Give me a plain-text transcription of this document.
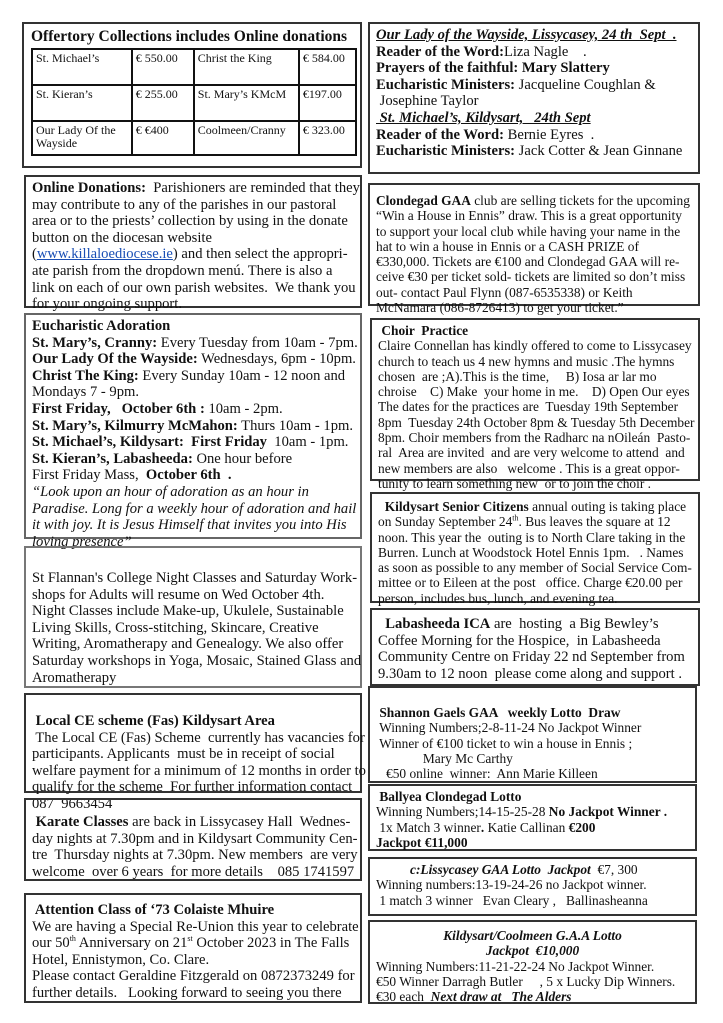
Offertory Collections includes Online donations
St. Michael’s	€ 550.00	Christ the King	€ 584.00
St. Kieran’s	€ 255.00	St. Mary’s KMcM	€197.00
Our Lady Of the Wayside	€ €400	Coolmeen/Cranny	€ 323.00
Online Donations:  Parishioners are reminded that they
may contribute to any of the parishes in our pastoral
area or to the priests’ collection by using in the donate
button on the diocesan website
(www.killaloediocese.ie) and then select the appropri-
ate parish from the dropdown menú. There is also a
link on each of our own parish websites.  We thank you
for your ongoing support.
Eucharistic Adoration
St. Mary’s, Cranny: Every Tuesday from 10am - 7pm.
Our Lady Of the Wayside: Wednesdays, 6pm - 10pm.
Christ The King: Every Sunday 10am - 12 noon and
Mondays 7 - 9pm.
First Friday,   October 6th : 10am - 2pm.
St. Mary’s, Kilmurry McMahon: Thurs 10am - 1pm.
St. Michael’s, Kildysart:  First Friday  10am - 1pm.
St. Kieran’s, Labasheeda: One hour before
First Friday Mass,  October 6th  .
“Look upon an hour of adoration as an hour in
Paradise. Long for a weekly hour of adoration and hail
it with joy. It is Jesus Himself that invites you into His
loving presence”
St Flannan's College Night Classes and Saturday Work-
shops for Adults will resume on Wed October 4th.
Night Classes include Make-up, Ukulele, Sustainable
Living Skills, Cross-stitching, Skincare, Creative
Writing, Aromatherapy and Genealogy. We also offer
Saturday workshops in Yoga, Mosaic, Stained Glass and
Aromatherapy
Local CE scheme (Fas) Kildysart Area
The Local CE (Fas) Scheme  currently has vacancies for
participants. Applicants  must be in receipt of social
welfare payment for a minimum of 12 months in order to
qualify for the scheme  For further information contact
087  9663454
Karate Classes are back in Lissycasey Hall  Wednes-
day nights at 7.30pm and in Kildysart Community Cen-
tre  Thursday nights at 7.30pm. New members  are very
welcome  over 6 years  for more details    085 1741597
Attention Class of ‘73 Colaiste Mhuire
We are having a Special Re-Union this year to celebrate
our 50th Anniversary on 21st October 2023 in The Falls
Hotel, Ennistymon, Co. Clare.
Please contact Geraldine Fitzgerald on 0872373249 for
further details.   Looking forward to seeing you there
Our Lady of the Wayside, Lissycasey, 24 th  Sept  .
Reader of the Word:Liza Nagle    .
Prayers of the faithful: Mary Slattery
Eucharistic Ministers: Jacqueline Coughlan &
Josephine Taylor
St. Michael’s, Kildysart,   24th Sept
Reader of the Word: Bernie Eyres  .
Eucharistic Ministers: Jack Cotter & Jean Ginnane
Clondegad GAA club are selling tickets for the upcoming
“Win a House in Ennis” draw. This is a great opportunity
to support your local club while having your name in the
hat to win a house in Ennis or a CASH PRIZE of
€330,000. Tickets are €100 and Clondegad GAA will re-
ceive €30 per ticket sold- tickets are limited so don’t miss
out- contact Paul Flynn (087-6535338) or Keith
McNamara (086-8726413) to get your ticket.”
Choir  Practice
Claire Connellan has kindly offered to come to Lissycasey
church to teach us 4 new hymns and music .The hymns
chosen  are ;A).This is the time,     B) Iosa ar lar mo
chroise    C) Make  your home in me.    D) Open Our eyes
The dates for the practices are  Tuesday 19th September
8pm  Tuesday 24th October 8pm & Tuesday 5th December
8pm. Choir members from the Radharc na nOileán  Pasto-
ral  Area are invited  and are very welcome to attend  and
new members are also   welcome . This is a great oppor-
tunity to learn something new  or to join the choir .
Kildysart Senior Citizens annual outing is taking place
on Sunday September 24th. Bus leaves the square at 12
noon. This year the  outing is to North Clare taking in the
Burren. Lunch at Woodstock Hotel Ennis 1pm.   . Names
as soon as possible to any member of Social Service Com-
mittee or to Eileen at the post   office. Charge €20.00 per
person, includes bus, lunch, and evening tea.
Labasheeda ICA are  hosting  a Big Bewley’s
Coffee Morning for the Hospice,  in Labasheeda
Community Centre on Friday 22 nd September from
9.30am to 12 noon  please come along and support .
Shannon Gaels GAA   weekly Lotto  Draw
Winning Numbers;2-8-11-24 No Jackpot Winner
Winner of €100 ticket to win a house in Ennis ;
Mary Mc Carthy
€50 online  winner:  Ann Marie Killeen
Ballyea Clondegad Lotto
Winning Numbers;14-15-25-28 No Jackpot Winner .
1x Match 3 winner. Katie Callinan €200
Jackpot €11,000
c:Lissycasey GAA Lotto  Jackpot  €7, 300
Winning numbers:13-19-24-26 no Jackpot winner.
1 match 3 winner   Evan Cleary ,   Ballinasheanna
Kildysart/Coolmeen G.A.A Lotto
Jackpot  €10,000
Winning Numbers:11-21-22-24 No Jackpot Winner.
€50 Winner Darragh Butler     , 5 x Lucky Dip Winners.
€30 each  Next draw at   The Alders
